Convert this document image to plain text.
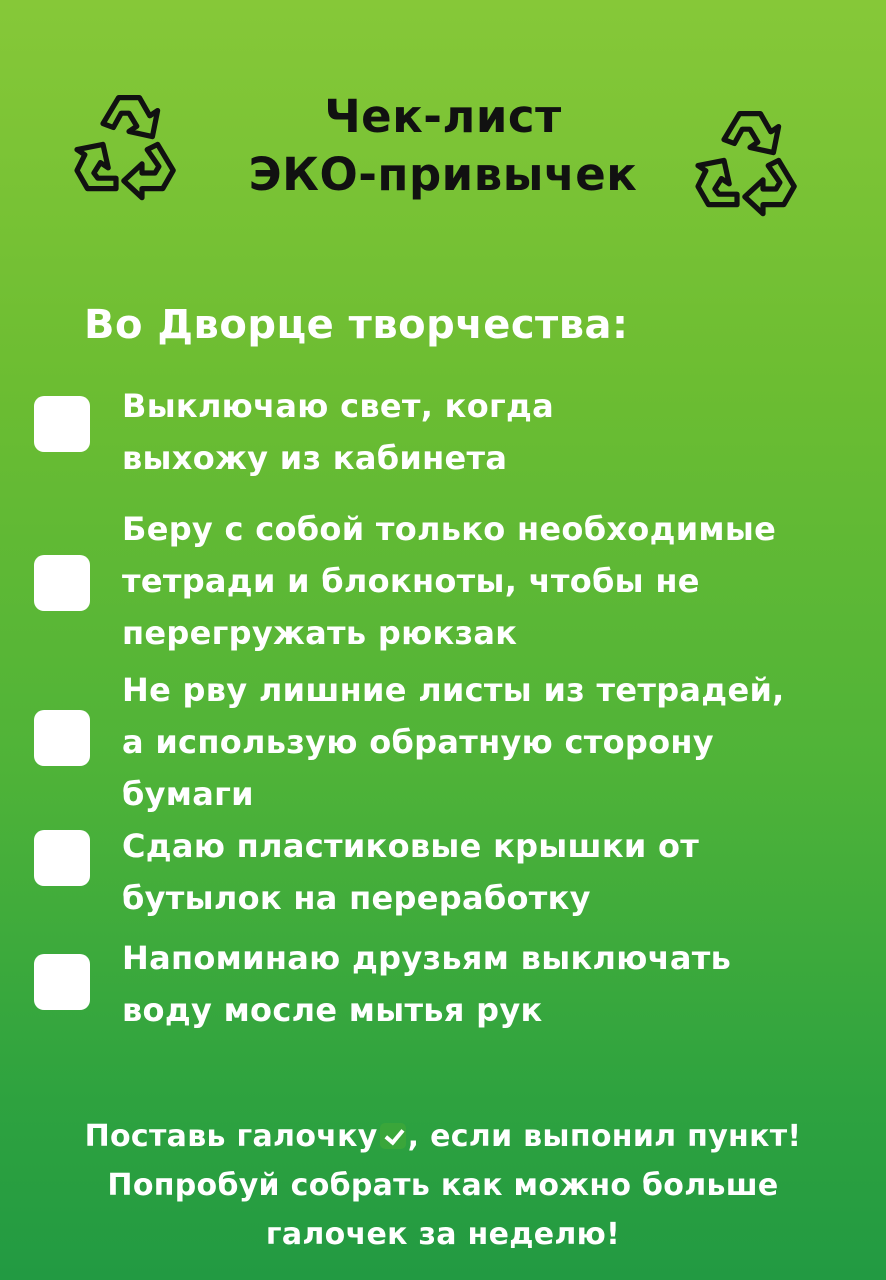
Чек-лист
ЭКО-привычек
Во Дворце творчества:
Выключаю свет, когда
выхожу из кабинета
Беру с собой только необходимые
тетради и блокноты, чтобы не
перегружать рюкзак
Не рву лишние листы из тетрадей,
а использую обратную сторону
бумаги
Сдаю пластиковые крышки от
бутылок на переработку
Напоминаю друзьям выключать
воду мосле мытья рук
Поставь галочку , если выпонил пункт!
Попробуй собрать как можно больше
галочек за неделю!
